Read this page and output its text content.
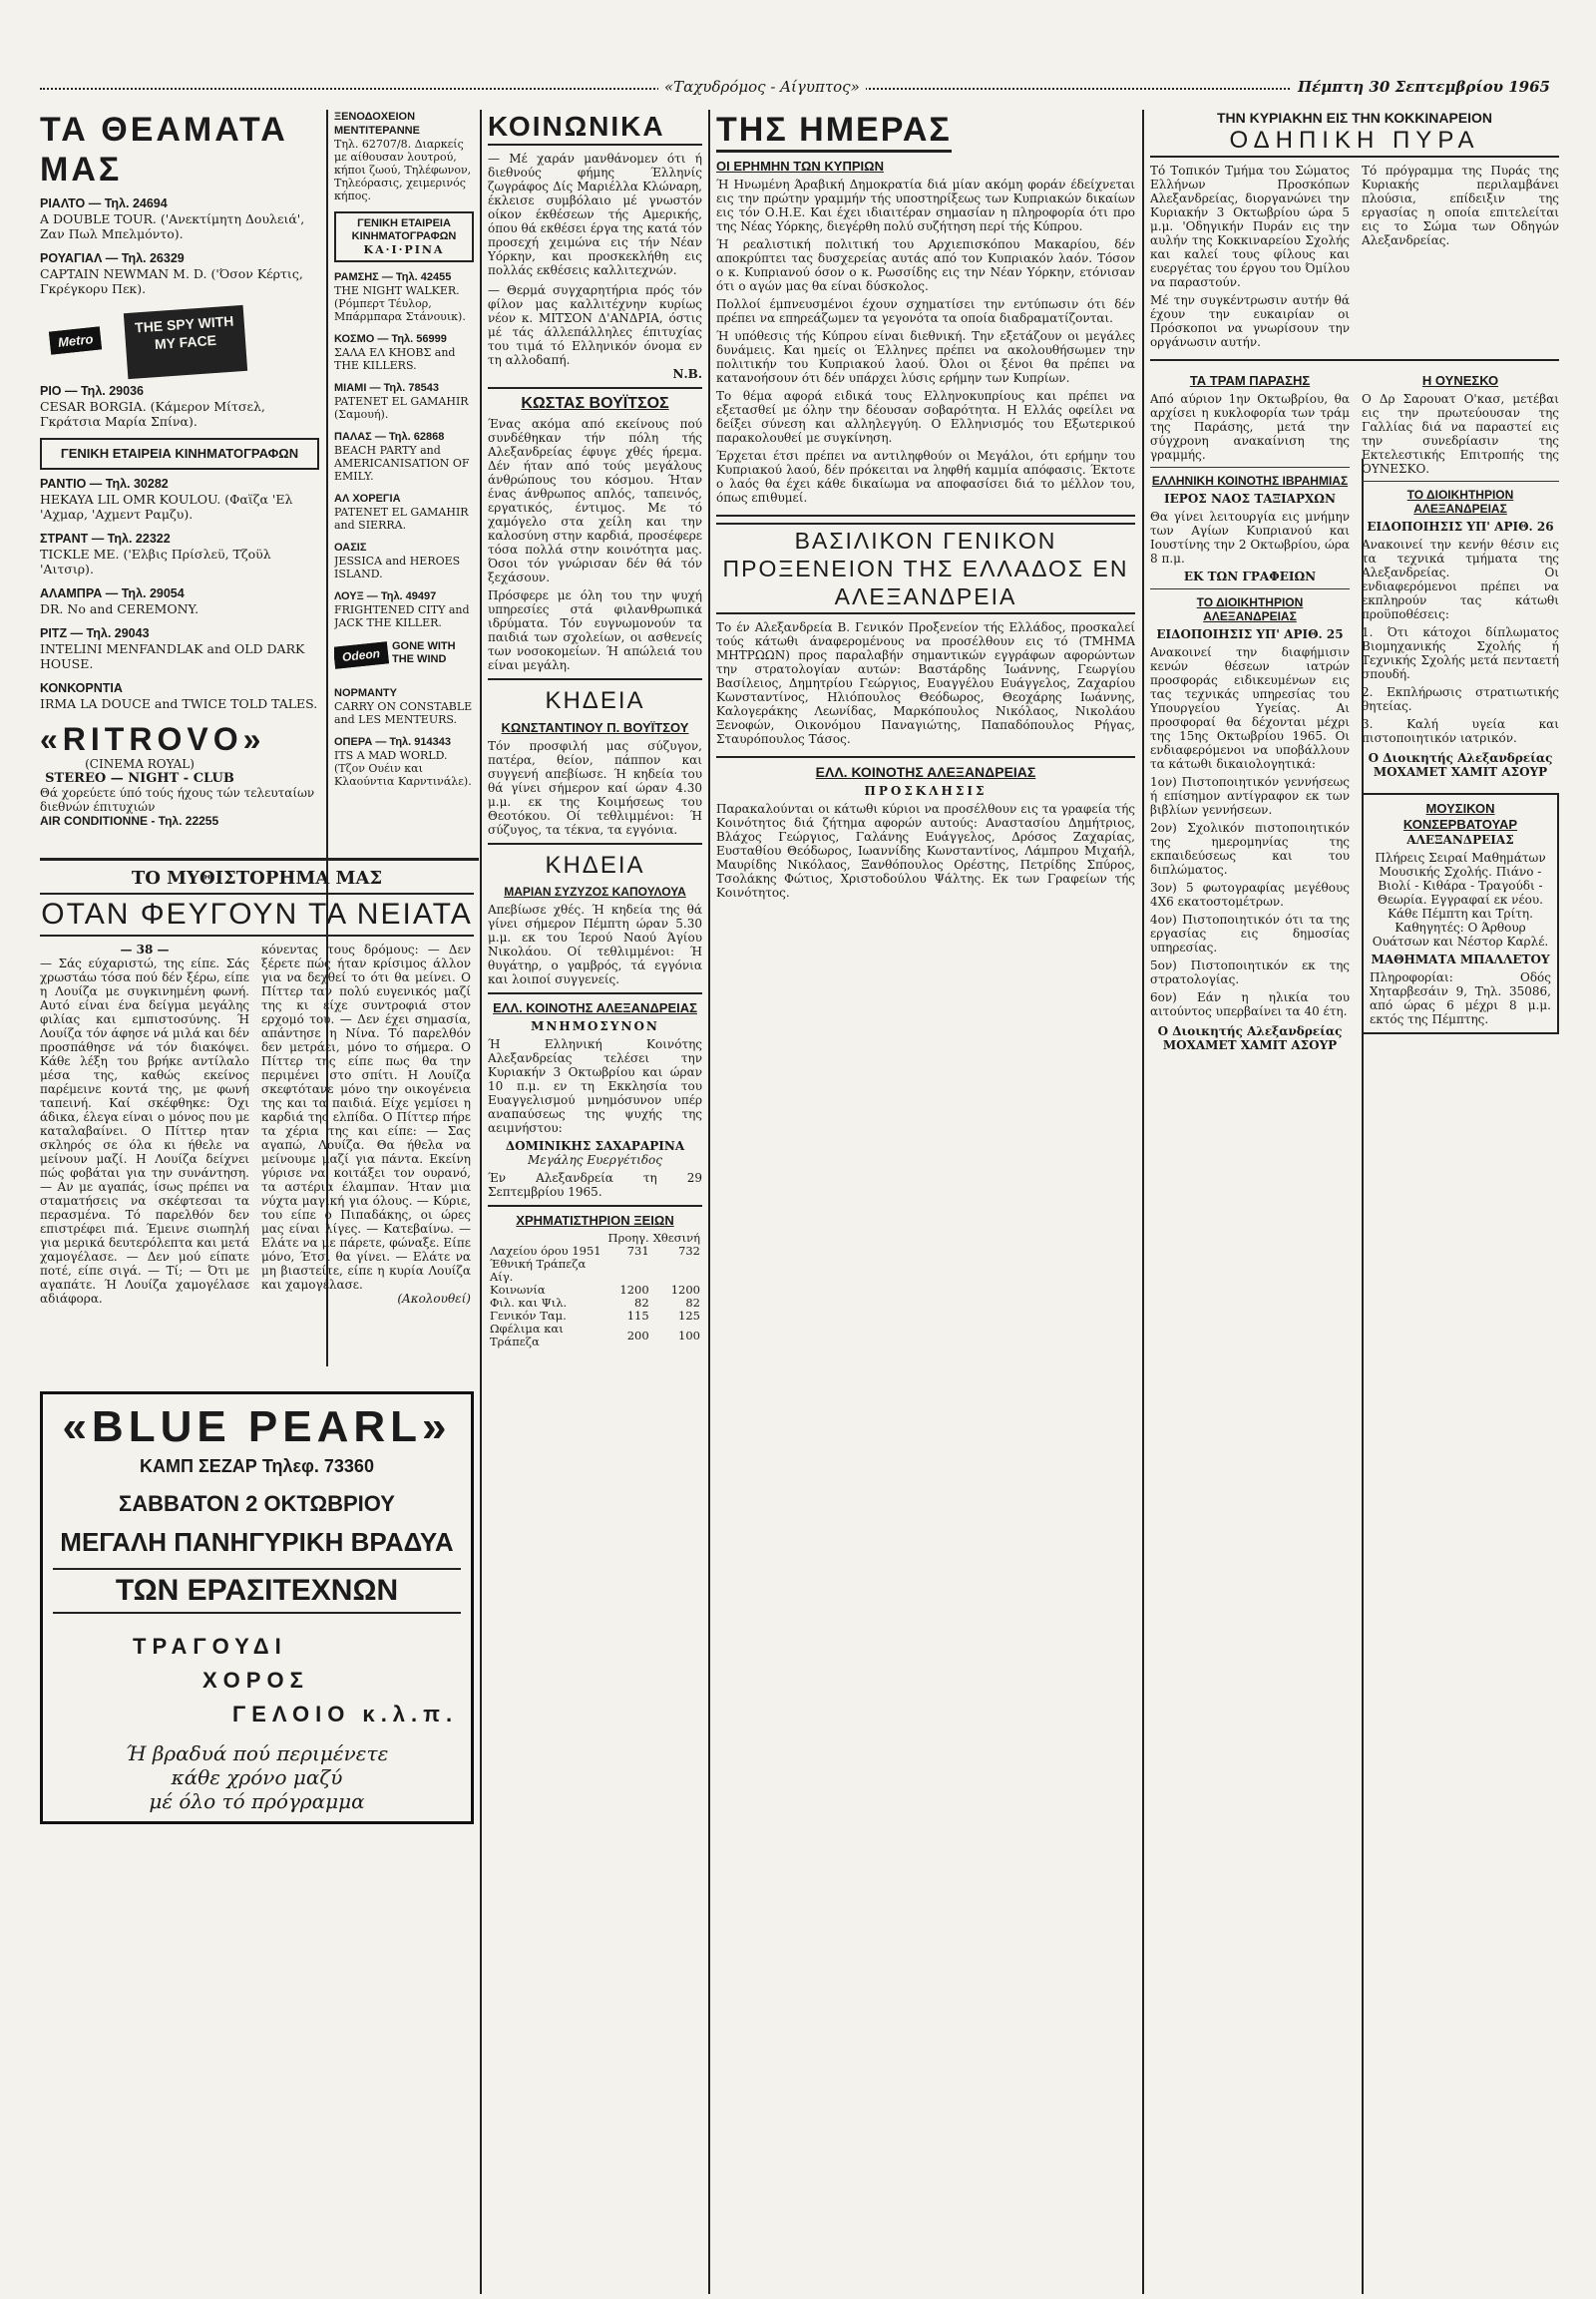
«Ταχυδρόμος - Αίγυπτος»	Πέμπτη 30 Σεπτεμβρίου 1965
ΤΑ ΘΕΑΜΑΤΑ ΜΑΣ

ΡΙΑΛΤΟ — Τηλ. 24694
A DOUBLE TOUR. ('Ανεκτίμητη Δουλειά', Ζαν Πωλ Μπελμόντο).

ΡΟΥΑΓΙΑΛ — Τηλ. 26329
CAPTAIN NEWMAN M. D. ('Όσον Κέρτις, Γκρέγκορυ Πεκ).

Metro
THE SPY WITH MY FACE

ΡΙΟ — Τηλ. 29036
CESAR BORGIA. (Κάμερον Μίτσελ, Γκράτσια Μαρία Σπίνα).

ΓΕΝΙΚΗ ΕΤΑΙΡΕΙΑ ΚΙΝΗΜΑΤΟΓΡΑΦΩΝ

ΡΑΝΤΙΟ — Τηλ. 30282
HEKAYA LIL OMR KOULOU. (Φαϊζα 'Ελ 'Αχμαρ, 'Αχμεντ Ραμζυ).

ΣΤΡΑΝΤ — Τηλ. 22322
TICKLE ME. ('Ελβις Πρίσλεϋ, Τζοϋλ 'Αιτσιρ).

ΑΛΑΜΠΡΑ — Τηλ. 29054
DR. No and CEREMONY.

ΡΙΤΖ — Τηλ. 29043
INTELINI MENFANDLAK and OLD DARK HOUSE.

ΚΟΝΚΟΡΝΤΙΑ
IRMA LA DOUCE and TWICE TOLD TALES.

«RITROVO»
(CINEMA ROYAL)
STEREO — NIGHT - CLUB
Θά χορεύετε ύπό τούς ήχους τών τελευταίων διεθνών έπιτυχιών
AIR CONDITIONNE - Τηλ. 22255

ΞΕΝΟΔΟΧΕΙΟΝ ΜΕΝΤΙΤΕΡΑΝΝΕ
Τηλ. 62707/8. Διαρκείς με αίθουσαν λουτρού, κήποι ζωού, Τηλέφωνον, Τηλεόρασις, χειμερινός κήπος.

ΓΕΝΙΚΗ ΕΤΑΙΡΕΙΑ ΚΙΝΗΜΑΤΟΓΡΑΦΩΝ
ΚΑ·Ι·ΡΙΝΑ

ΡΑΜΣΗΣ — Τηλ. 42455
THE NIGHT WALKER. (Ρόμπερτ Τέυλορ, Μπάρμπαρα Στάνουικ).

ΚΟΣΜΟ — Τηλ. 56999
ΣΑΛΑ ΕΛ ΚΗΟΒΣ and THE KILLERS.

ΜΙΑΜΙ — Τηλ. 78543
PATENET EL GAMAHIR (Σαμουή).

ΠΑΛΑΣ — Τηλ. 62868
BEACH PARTY and AMERICANISATION OF EMILY.

ΑΛ ΧΟΡΕΓΙΑ
PATENET EL GAMAHIR and SIERRA.

ΟΑΣΙΣ
JESSICA and HEROES ISLAND.

ΛΟΥΞ — Τηλ. 49497
FRIGHTENED CITY and JACK THE KILLER.

Odeon
GONE WITH THE WIND

ΝΟΡΜΑΝΤΥ
CARRY ON CONSTABLE and LES MENTEURS.

ΟΠΕΡΑ — Τηλ. 914343
ITS A MAD WORLD. (Τζον Ουέιν και Κλαούντια Καρντινάλε).

ΤΟ ΜΥΘΙΣΤΟΡΗΜΑ ΜΑΣ
ΟΤΑΝ ΦΕΥΓΟΥΝ ΤΑ ΝΕΙΑΤΑ
— 38 —

— Σάς εύχαριστώ, της είπε. Σάς χρωστάω τόσα πού δέν ξέρω, είπε η Λουίζα με συγκινημένη φωνή. Αυτό είναι ένα δείγμα μεγάλης φιλίας και εμπιστοσύνης. Ή Λουίζα τόν άφησε νά μιλά και δέν προσπάθησε νά τόν διακόψει. Κάθε λέξη του βρήκε αντίλαλο μέσα της, καθώς εκείνος παρέμεινε κοντά της, με φωνή ταπεινή. Καί σκέφθηκε: Όχι άδικα, έλεγα είναι ο μόνος που με καταλαβαίνει. Ο Πίττερ ηταν σκληρός σε όλα κι ήθελε να μείνουν μαζί. Η Λουίζα δείχνει πώς φοβάται για την συνάντηση. — Αν με αγαπάς, ίσως πρέπει να σταματήσεις να σκέφτεσαι τα περασμένα. Τό παρελθόν δεν επιστρέφει πιά. Έμεινε σιωπηλή για μερικά δευτερόλεπτα και μετά χαμογέλασε. — Δεν μού είπατε ποτέ, είπε σιγά. — Τί; — Ότι με αγαπάτε. Ή Λουίζα χαμογέλασε αδιάφορα.

κόνεντας τους δρόμους: — Δεν ξέρετε πώς ήταν κρίσιμος άλλον για να δεχθεί το ότι θα μείνει. Ο Πίττερ ταν πολύ ευγενικός μαζί της κι είχε συντροφιά στον ερχομό του. — Δεν έχει σημασία, απάντησε η Νίνα. Τό παρελθόν δεν μετράει, μόνο το σήμερα. Ο Πίττερ της είπε πως θα την περιμένει στο σπίτι. Η Λουίζα σκεφτότανε μόνο την οικογένεια της και τα παιδιά. Είχε γεμίσει η καρδιά της ελπίδα. Ο Πίττερ πήρε τα χέρια της και είπε: — Σας αγαπώ, Λουίζα. Θα ήθελα να μείνουμε μαζί για πάντα. Εκείνη γύρισε να κοιτάξει τον ουρανό, τα αστέρια έλαμπαν. Ήταν μια νύχτα μαγική για όλους. — Κύριε, του είπε ο Πιπαδάκης, οι ώρες μας είναι λίγες. — Κατεβαίνω. — Ελάτε να με πάρετε, φώναξε. Είπε μόνο, Έτσι θα γίνει. — Ελάτε να μη βιαστείτε, είπε η κυρία Λουίζα και χαμογέλασε.

(Ακολουθεί)
«BLUE PEARL»
ΚΑΜΠ ΣΕΖΑΡ Τηλεφ. 73360
ΣΑΒΒΑΤΟΝ 2 ΟΚΤΩΒΡΙΟΥ
ΜΕΓΑΛΗ ΠΑΝΗΓΥΡΙΚΗ ΒΡΑΔΥΑ
ΤΩΝ ΕΡΑΣΙΤΕΧΝΩΝ
ΤΡΑΓΟΥΔΙ
ΧΟΡΟΣ
ΓΕΛΟΙΟ κ.λ.π.
Ή βραδυά πού περιμένετε
κάθε χρόνο μαζύ
μέ όλο τό πρόγραμμα
ΚΟΙΝΩΝΙΚΑ

— Μέ χαράν μανθάνομεν ότι ή διεθνούς φήμης Έλληνίς ζωγράφος Δίς Μαριέλλα Κλώναρη, έκλεισε συμβόλαιο μέ γνωστόν οίκον έκθέσεων τής Αμερικής, όπου θά εκθέσει έργα της κατά τόν προσεχή χειμώνα εις τήν Νέαν Υόρκην, και προσκεκλήθη εις πολλάς εκθέσεις καλλιτεχνών.

— Θερμά συγχαρητήρια πρός τόν φίλον μας καλλιτέχνην κυρίως νέον κ. ΜΙΤΣΟΝ Δ'ΑΝΔΡΙΑ, όστις μέ τάς άλλεπάλληλες έπιτυχίας του τιμά τό Ελληνικόν όνομα εν τη αλλοδαπή.

Ν.Β.
ΚΩΣΤΑΣ ΒΟΥΪΤΣΟΣ

Ένας ακόμα από εκείνους πού συνδέθηκαν τήν πόλη τής Αλεξανδρείας έφυγε χθές ήρεμα. Δέν ήταν από τούς μεγάλους άνθρώπους του κόσμου. Ήταν ένας άνθρωπος απλός, ταπεινός, εργατικός, έντιμος. Με τό χαμόγελο στα χείλη και την καλοσύνη στην καρδιά, προσέφερε τόσα πολλά στην κοινότητα μας. Όσοι τόν γνώρισαν δέν θά τόν ξεχάσουν.

Πρόσφερε με όλη του την ψυχή υπηρεσίες στά φιλανθρωπικά ιδρύματα. Τόν ευγνωμονούν τα παιδιά των σχολείων, οι ασθενείς των νοσοκομείων. Ή απώλειά του είναι μεγάλη.

ΚΗΔΕΙΑ
ΚΩΝΣΤΑΝΤΙΝΟΥ Π. ΒΟΥΪΤΣΟΥ

Τόν προσφιλή μας σύζυγον, πατέρα, θείον, πάππον και συγγενή απεβίωσε. Ή κηδεία του θά γίνει σήμερον καί ώραν 4.30 μ.μ. εκ της Κοιμήσεως του Θεοτόκου. Οί τεθλιμμένοι: Ή σύζυγος, τα τέκνα, τα εγγόνια.

ΚΗΔΕΙΑ
ΜΑΡΙΑΝ ΣΥΖΥΖΟΣ ΚΑΠΟΥΛΟΥΑ

Απεβίωσε χθές. Ή κηδεία της θά γίνει σήμερον Πέμπτη ώραν 5.30 μ.μ. εκ του Ίερού Ναού Άγίου Νικολάου. Οί τεθλιμμένοι: Ή θυγάτηρ, ο γαμβρός, τά εγγόνια και λοιποί συγγενείς.

ΕΛΛ. ΚΟΙΝΟΤΗΣ ΑΛΕΞΑΝΔΡΕΙΑΣ
ΜΝΗΜΟΣΥΝΟΝ

Ή Ελληνική Κοινότης Αλεξανδρείας τελέσει την Κυριακήν 3 Οκτωβρίου και ώραν 10 π.μ. εν τη Εκκλησία του Ευαγγελισμού μνημόσυνον υπέρ αναπαύσεως της ψυχής της αειμνήστου:

ΔΟΜΙΝΙΚΗΣ ΣΑΧΑΡΑΡΙΝΑ
Μεγάλης Ευεργέτιδος

Έν Αλεξανδρεία τη 29 Σεπτεμβρίου 1965.

ΧΡΗΜΑΤΙΣΤΗΡΙΟΝ ΞΕΙΩΝ
	Προηγ.	Χθεσινή
Λαχείου όρου 1951	731	732
Έθνική Τράπεζα Αίγ.		
Κοινωνία	1200	1200
Φιλ. και Ψιλ.	82	82
Γενικόν Ταμ.	115	125
Ωφέλιμα και Τράπεζα	200	100
ΤΗΣ ΗΜΕΡΑΣ
ΟΙ ΕΡΗΜΗΝ ΤΩΝ ΚΥΠΡΙΩΝ

Ή Ηνωμένη Άραβική Δημοκρατία διά μίαν ακόμη φοράν έδείχνεται εις την πρώτην γραμμήν τής υποστηρίξεως των Κυπριακών δικαίων εις τόν Ο.Η.Ε. Και έχει ιδιαιτέραν σημασίαν η πληροφορία ότι προ της Νέας Υόρκης, διεγέρθη πολύ συζήτηση περί τής Κύπρου.

Ή ρεαλιστική πολιτική του Αρχιεπισκόπου Μακαρίου, δέν αποκρύπτει τας δυσχερείας αυτάς από τον Κυπριακόν λαόν. Τόσον ο κ. Κυπριανού όσον ο κ. Ρωσσίδης εις την Νέαν Υόρκην, ετόνισαν ότι ο αγών μας θα είναι δύσκολος.

Πολλοί έμπνευσμένοι έχουν σχηματίσει την εντύπωσιν ότι δέν πρέπει να επηρεάζωμεν τα γεγονότα τα οποία διαδραματίζονται.

Ή υπόθεσις τής Κύπρου είναι διεθνική. Την εξετάζουν οι μεγάλες δυνάμεις. Και ημείς οι Έλληνες πρέπει να ακολουθήσωμεν την πολιτικήν του Κυπριακού λαού. Όλοι οι ξένοι θα πρέπει να κατανοήσουν ότι δέν υπάρχει λύσις ερήμην των Κυπρίων.

Το θέμα αφορά ειδικά τους Ελληνοκυπρίους και πρέπει να εξετασθεί με όλην την δέουσαν σοβαρότητα. Η Ελλάς οφείλει να δείξει σύνεση και αλληλεγγύη. Ο Ελληνισμός του Εξωτερικού παρακολουθεί με συγκίνηση.

Έρχεται έτσι πρέπει να αντιληφθούν οι Μεγάλοι, ότι ερήμην του Κυπριακού λαού, δέν πρόκειται να ληφθή καμμία απόφασις. Έκτοτε ο λαός θα έχει κάθε δικαίωμα να αποφασίσει διά το μέλλον του, όπως επιθυμεί.

ΒΑΣΙΛΙΚΟΝ ΓΕΝΙΚΟΝ ΠΡΟΞΕΝΕΙΟΝ ΤΗΣ ΕΛΛΑΔΟΣ ΕΝ ΑΛΕΞΑΝΔΡΕΙΑ

Το έν Αλεξανδρεία Β. Γενικόν Προξενείον τής Ελλάδος, προσκαλεί τούς κάτωθι άναφερομένους να προσέλθουν εις τό (ΤΜΗΜΑ ΜΗΤΡΩΩΝ) προς παραλαβήν σημαντικών εγγράφων αφορώντων την στρατολογίαν αυτών: Βαστάρδης Ίωάννης, Γεωργίου Βασίλειος, Δημητρίου Γεώργιος, Ευαγγέλου Ευάγγελος, Ζαχαρίου Κωνσταντίνος, Ηλιόπουλος Θεόδωρος, Θεοχάρης Ιωάννης, Καλογεράκης Λεωνίδας, Μαρκόπουλος Νικόλαος, Νικολάου Ξενοφών, Οικονόμου Παναγιώτης, Παπαδόπουλος Ρήγας, Σταυρόπουλος Τάσος.

ΕΛΛ. ΚΟΙΝΟΤΗΣ ΑΛΕΞΑΝΔΡΕΙΑΣ
ΠΡΟΣΚΛΗΣΙΣ

Παρακαλούνται οι κάτωθι κύριοι να προσέλθουν εις τα γραφεία τής Κοινότητος διά ζήτημα αφορών αυτούς: Αναστασίου Δημήτριος, Βλάχος Γεώργιος, Γαλάνης Ευάγγελος, Δρόσος Ζαχαρίας, Ευσταθίου Θεόδωρος, Ιωαννίδης Κωνσταντίνος, Λάμπρου Μιχαήλ, Μαυρίδης Νικόλαος, Ξανθόπουλος Ορέστης, Πετρίδης Σπύρος, Τσολάκης Φώτιος, Χριστοδούλου Ψάλτης. Εκ των Γραφείων τής Κοινότητος.

ΤΗΝ ΚΥΡΙΑΚΗΝ ΕΙΣ ΤΗΝ ΚΟΚΚΙΝΑΡΕΙΟΝ
ΟΔΗΠΙΚΗ ΠΥΡΑ

Τό Τοπικόν Τμήμα του Σώματος Ελλήνων Προσκόπων Αλεξανδρείας, διοργανώνει την Κυριακήν 3 Οκτωβρίου ώρα 5 μ.μ. 'Οδηγικήν Πυράν εις την αυλήν της Κοκκιναρείου Σχολής και καλεί τους φίλους και ευεργέτας του έργου του Όμίλου να παραστούν.

Μέ την συγκέντρωσιν αυτήν θά έχουν την ευκαιρίαν οι Πρόσκοποι να γνωρίσουν την οργάνωσιν αυτήν.

Τό πρόγραμμα της Πυράς της Κυριακής περιλαμβάνει πλούσια, επίδειξιν της εργασίας η οποία επιτελείται εις το Σώμα των Οδηγών Αλεξανδρείας.

ΤΑ ΤΡΑΜ ΠΑΡΑΣΗΣ

Από αύριον 1ην Οκτωβρίου, θα αρχίσει η κυκλοφορία των τράμ της Παράσης, μετά την σύγχρονη ανακαίνιση της γραμμής.

ΕΛΛΗΝΙΚΗ ΚΟΙΝΟΤΗΣ ΙΒΡΑΗΜΙΑΣ
ΙΕΡΟΣ ΝΑΟΣ ΤΑΞΙΑΡΧΩΝ

Θα γίνει λειτουργία εις μνήμην των Αγίων Κυπριανού και Ιουστίνης την 2 Οκτωβρίου, ώρα 8 π.μ.

ΕΚ ΤΩΝ ΓΡΑΦΕΙΩΝ
ΤΟ ΔΙΟΙΚΗΤΗΡΙΟΝ ΑΛΕΞΑΝΔΡΕΙΑΣ
ΕΙΔΟΠΟΙΗΣΙΣ ΥΠ' ΑΡΙΘ. 25

Ανακοινεί την διαφήμισιν κενών θέσεων ιατρών προσφοράς ειδικευμένων εις τας τεχνικάς υπηρεσίας του Υπουργείου Υγείας. Αι προσφοραί θα δέχονται μέχρι της 15ης Οκτωβρίου 1965. Οι ενδιαφερόμενοι να υποβάλλουν τα κάτωθι δικαιολογητικά:

1ον) Πιστοποιητικόν γεννήσεως ή επίσημον αντίγραφον εκ των βιβλίων γεννήσεων.

2ον) Σχολικόν πιστοποιητικόν της ημερομηνίας της εκπαιδεύσεως και του διπλώματος.

3ον) 5 φωτογραφίας μεγέθους 4Χ6 εκατοστομέτρων.

4ον) Πιστοποιητικόν ότι τα της εργασίας εις δημοσίας υπηρεσίας.

5ον) Πιστοποιητικόν εκ της στρατολογίας.

6ον) Εάν η ηλικία του αιτούντος υπερβαίνει τα 40 έτη.

Ο Διοικητής Αλεξανδρείας ΜΟΧΑΜΕΤ ΧΑΜΙΤ ΑΣΟΥΡ

Η ΟΥΝΕΣΚΟ

Ο Δρ Σαρουατ Ο'κασ, μετέβαι εις την πρωτεύουσαν της Γαλλίας διά να παραστεί εις την συνεδρίασιν της Εκτελεστικής Επιτροπής της ΟΥΝΕΣΚΟ.

ΤΟ ΔΙΟΙΚΗΤΗΡΙΟΝ ΑΛΕΞΑΝΔΡΕΙΑΣ
ΕΙΔΟΠΟΙΗΣΙΣ ΥΠ' ΑΡΙΘ. 26

Ανακοινεί την κενήν θέσιν εις τα τεχνικά τμήματα της Αλεξανδρείας. Οι ενδιαφερόμενοι πρέπει να εκπληρούν τας κάτωθι προϋποθέσεις:

1. Ότι κάτοχοι δίπλωματος Βιομηχανικής Σχολής ή Τεχνικής Σχολής μετά πενταετή σπουδή.

2. Εκπλήρωσις στρατιωτικής θητείας.

3. Καλή υγεία και πιστοποιητικόν ιατρικόν.

Ο Διοικητής Αλεξανδρείας ΜΟΧΑΜΕΤ ΧΑΜΙΤ ΑΣΟΥΡ

ΜΟΥΣΙΚΟΝ ΚΟΝΣΕΡΒΑΤΟΥΑΡ
ΑΛΕΞΑΝΔΡΕΙΑΣ

Πλήρεις Σειραί Μαθημάτων Μουσικής Σχολής. Πιάνο - Βιολί - Κιθάρα - Τραγούδι - Θεωρία. Εγγραφαί εκ νέου. Κάθε Πέμπτη και Τρίτη. Καθηγητές: Ο Άρθουρ Ουάτσων και Νέστορ Καρλέ.

ΜΑΘΗΜΑΤΑ ΜΠΑΛΛΕΤΟΥ

Πληροφορίαι: Οδός Χηταρβεσάιν 9, Τηλ. 35086, από ώρας 6 μέχρι 8 μ.μ. εκτός της Πέμπτης.
